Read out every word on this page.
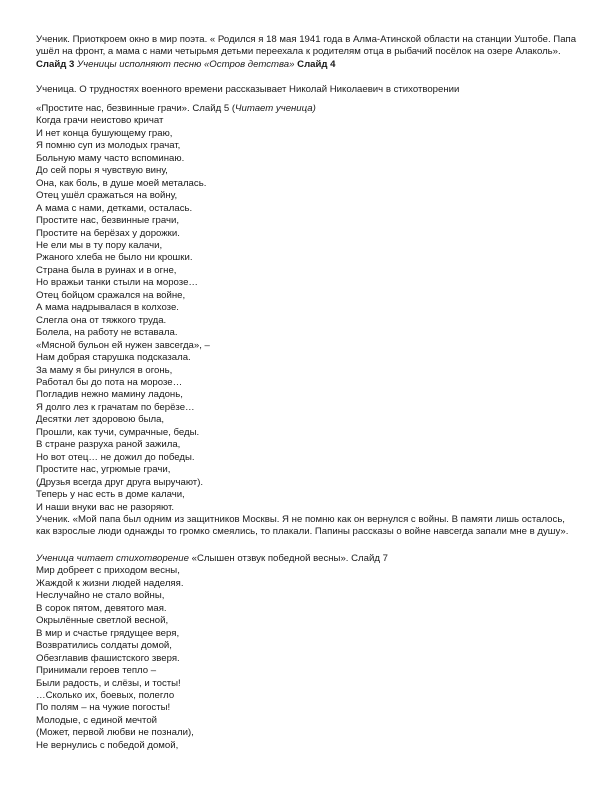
Ученик. Приоткроем окно в мир поэта. « Родился я 18 мая 1941 года в Алма-Атинской области на станции Уштобе. Папа ушёл на фронт, а мама с нами четырьмя детьми переехала к родителям отца в рыбачий посёлок на озере Алаколь». Слайд 3 Ученицы исполняют песню «Остров детства» Слайд 4
Ученица. О трудностях военного времени рассказывает Николай Николаевич в стихотворении
«Простите нас, безвинные грачи». Слайд 5 (Читает ученица)
Когда грачи неистово кричат
И нет конца бушующему граю,
Я помню суп из молодых грачат,
Больную маму часто вспоминаю.
До сей поры я чувствую вину,
Она, как боль, в душе моей металась.
Отец ушёл сражаться на войну,
А мама с нами, детками, осталась.
Простите нас, безвинные грачи,
Простите на берёзах у дорожки.
Не ели мы в ту пору калачи,
Ржаного хлеба не было ни крошки.
Страна была в руинах и в огне,
Но вражьи танки стыли на морозе…
Отец бойцом сражался на войне,
А мама надрывалася в колхозе.
Слегла она от тяжкого труда.
Болела, на работу не вставала.
«Мясной бульон ей нужен завсегда», –
Нам добрая старушка подсказала.
За маму я бы ринулся в огонь,
Работал бы до пота на морозе…
Погладив нежно мамину ладонь,
Я долго лез к грачатам по берёзе…
Десятки лет здоровою была,
Прошли, как тучи, сумрачные, беды.
В стране разруха раной зажила,
Но вот отец… не дожил до победы.
Простите нас, угрюмые грачи,
(Друзья всегда друг друга выручают).
Теперь у нас есть в доме калачи,
И наши внуки вас не разоряют.
Ученик. «Мой папа был одним из защитников Москвы. Я не помню как он вернулся с войны. В памяти лишь осталось, как взрослые люди однажды то громко смеялись, то плакали. Папины рассказы о войне навсегда запали мне в душу».
Ученица читает стихотворение «Слышен отзвук победной весны». Слайд 7
Мир добреет с приходом весны,
Жаждой к жизни людей наделяя.
Неслучайно не стало войны,
В сорок пятом, девятого мая.
Окрылённые светлой весной,
В мир и счастье грядущее веря,
Возвратились солдаты домой,
Обезглавив фашистского зверя.
Принимали героев тепло –
Были радость, и слёзы, и тосты!
…Сколько их, боевых, полегло
По полям – на чужие погосты!
Молодые, с единой мечтой
(Может, первой любви не познали),
Не вернулись с победой домой,
